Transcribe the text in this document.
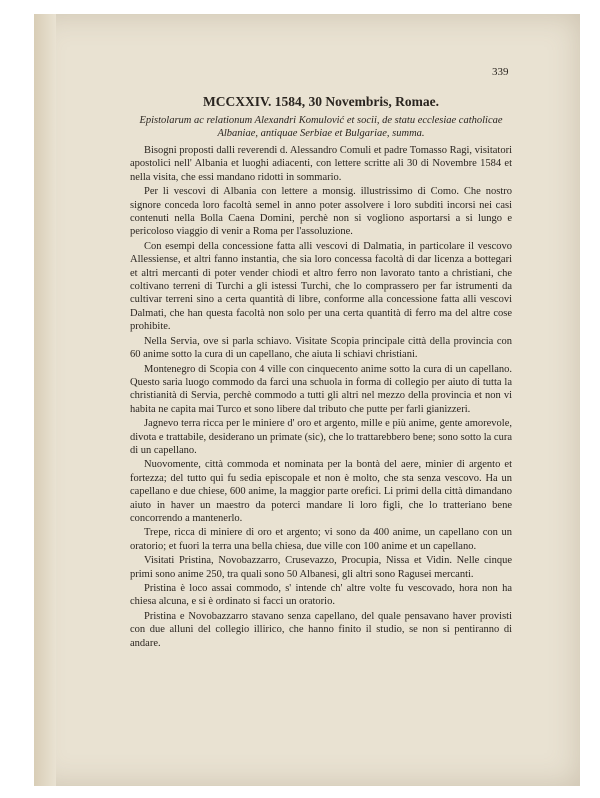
339
MCCXXIV. 1584, 30 Novembris, Romae.
Epistolarum ac relationum Alexandri Komulović et socii, de statu ecclesiae catholicae Albaniae, antiquae Serbiae et Bulgariae, summa.

Bisogni proposti dalli reverendi d. Alessandro Comuli et padre Tomasso Ragi, visitatori apostolici nell' Albania et luoghi adiacenti, con lettere scritte ali 30 di Novembre 1584 et nella visita, che essi mandano ridotti in sommario.

Per li vescovi di Albania con lettere a monsig. illustrissimo di Como. Che nostro signore conceda loro facoltà semel in anno poter assolvere i loro subditi incorsi nei casi contenuti nella Bolla Caena Domini, perchè non si vogliono asportarsi a si lungo e pericoloso viaggio di venir a Roma per l'assoluzione.

Con esempi della concessione fatta alli vescovi di Dalmatia, in particolare il vescovo Allessiense, et altri fanno instantia, che sia loro concessa facoltà di dar licenza a bottegari et altri mercanti di poter vender chiodi et altro ferro non lavorato tanto a christiani, che coltivano terreni di Turchi a gli istessi Turchi, che lo comprassero per far istrumenti da cultivar terreni sino a certa quantità di libre, conforme alla concessione fatta alli vescovi Dalmati, che han questa facoltà non solo per una certa quantità di ferro ma del altre cose prohibite.

Nella Servia, ove si parla schiavo. Visitate Scopia principale città della provincia con 60 anime sotto la cura di un capellano, che aiuta li schiavi christiani.

Montenegro di Scopia con 4 ville con cinquecento anime sotto la cura di un capellano. Questo saria luogo commodo da farci una schuola in forma di collegio per aiuto di tutta la christianità di Servia, perchè commodo a tutti gli altri nel mezzo della provincia et non vi habita ne capita mai Turco et sono libere dal tributo che putte per farli gianizzeri.

Jagnevo terra ricca per le miniere d' oro et argento, mille e più anime, gente amorevole, divota e trattabile, desiderano un primate (sic), che lo trattarebbero bene; sono sotto la cura di un capellano.

Nuovomente, città commoda et nominata per la bontà del aere, minier di argento et fortezza; del tutto qui fu sedia episcopale et non è molto, che sta senza vescovo. Ha un capellano e due chiese, 600 anime, la maggior parte orefici. Li primi della città dimandano aiuto in haver un maestro da poterci mandare li loro figli, che lo tratteriano bene concorrendo a mantenerlo.

Trepe, ricca di miniere di oro et argento; vi sono da 400 anime, un capellano con un oratorio; et fuori la terra una bella chiesa, due ville con 100 anime et un capellano.

Visitati Pristina, Novobazzarro, Crusevazzo, Procupia, Nissa et Vidin. Nelle cinque primi sono anime 250, tra quali sono 50 Albanesi, gli altri sono Ragusei mercanti.

Pristina è loco assai commodo, s' intende ch' altre volte fu vescovado, hora non ha chiesa alcuna, e si è ordinato si facci un oratorio.

Pristina e Novobazzarro stavano senza capellano, del quale pensavano haver provisti con due alluni del collegio illirico, che hanno finito il studio, se non si pentiranno di andare.
